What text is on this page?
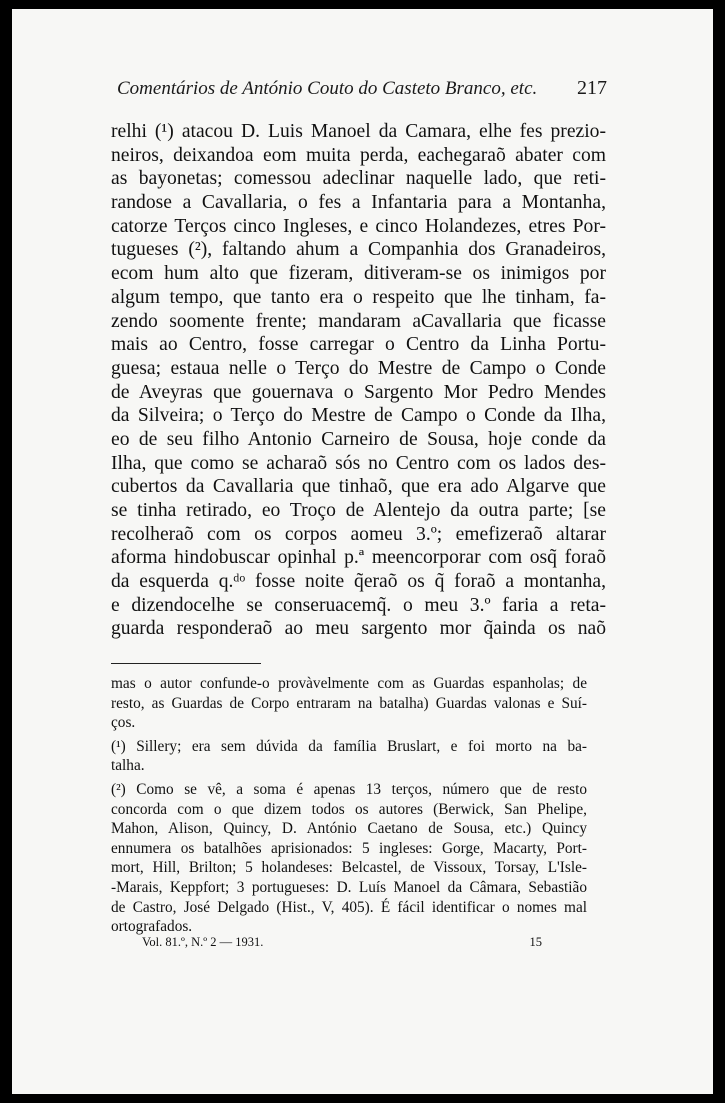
Comentários de António Couto do Casteto Branco, etc. 217
relhi (¹) atacou D. Luis Manoel da Camara, elhe fes prezio-
neiros, deixandoa eom muita perda, eachegaraõ abater com
as bayonetas; comessou adeclinar naquelle lado, que reti-
randose a Cavallaria, o fes a Infantaria para a Montanha,
catorze Terços cinco Ingleses, e cinco Holandezes, etres Por-
tugueses (²), faltando ahum a Companhia dos Granadeiros,
ecom hum alto que fizeram, ditiveram-se os inimigos por
algum tempo, que tanto era o respeito que lhe tinham, fa-
zendo soomente frente; mandaram aCavallaria que ficasse
mais ao Centro, fosse carregar o Centro da Linha Portu-
guesa; estaua nelle o Terço do Mestre de Campo o Conde
de Aveyras que gouernava o Sargento Mor Pedro Mendes
da Silveira; o Terço do Mestre de Campo o Conde da Ilha,
eo de seu filho Antonio Carneiro de Sousa, hoje conde da
Ilha, que como se acharaõ sós no Centro com os lados des-
cubertos da Cavallaria que tinhaõ, que era ado Algarve que
se tinha retirado, eo Troço de Alentejo da outra parte; [se
recolheraõ com os corpos aomeu 3.º; emefizeraõ altarar
aforma hindobuscar opinhal p.ª meencorporar com osq̃ foraõ
da esquerda q.ᵈᵒ fosse noite q̃eraõ os q̃ foraõ a montanha,
e dizendocelhe se conseruacemq̃. o meu 3.º faria a reta-
guarda responderaõ ao meu sargento mor q̃ainda os naõ
mas o autor confunde-o provàvelmente com as Guardas espanholas; de
resto, as Guardas de Corpo entraram na batalha) Guardas valonas e Suí-
ços.
(¹) Sillery; era sem dúvida da família Bruslart, e foi morto na ba-
talha.
(²) Como se vê, a soma é apenas 13 terços, número que de resto
concorda com o que dizem todos os autores (Berwick, San Phelipe,
Mahon, Alison, Quincy, D. António Caetano de Sousa, etc.) Quincy
ennumera os batalhões aprisionados: 5 ingleses: Gorge, Macarty, Port-
mort, Hill, Brilton; 5 holandeses: Belcastel, de Vissoux, Torsay, L'Isle-
-Marais, Keppfort; 3 portugueses: D. Luís Manoel da Câmara, Sebastião
de Castro, José Delgado (Hist., V, 405). É fácil identificar o nomes mal
ortografados.
Vol. 81.º, N.º 2 — 1931.	15
